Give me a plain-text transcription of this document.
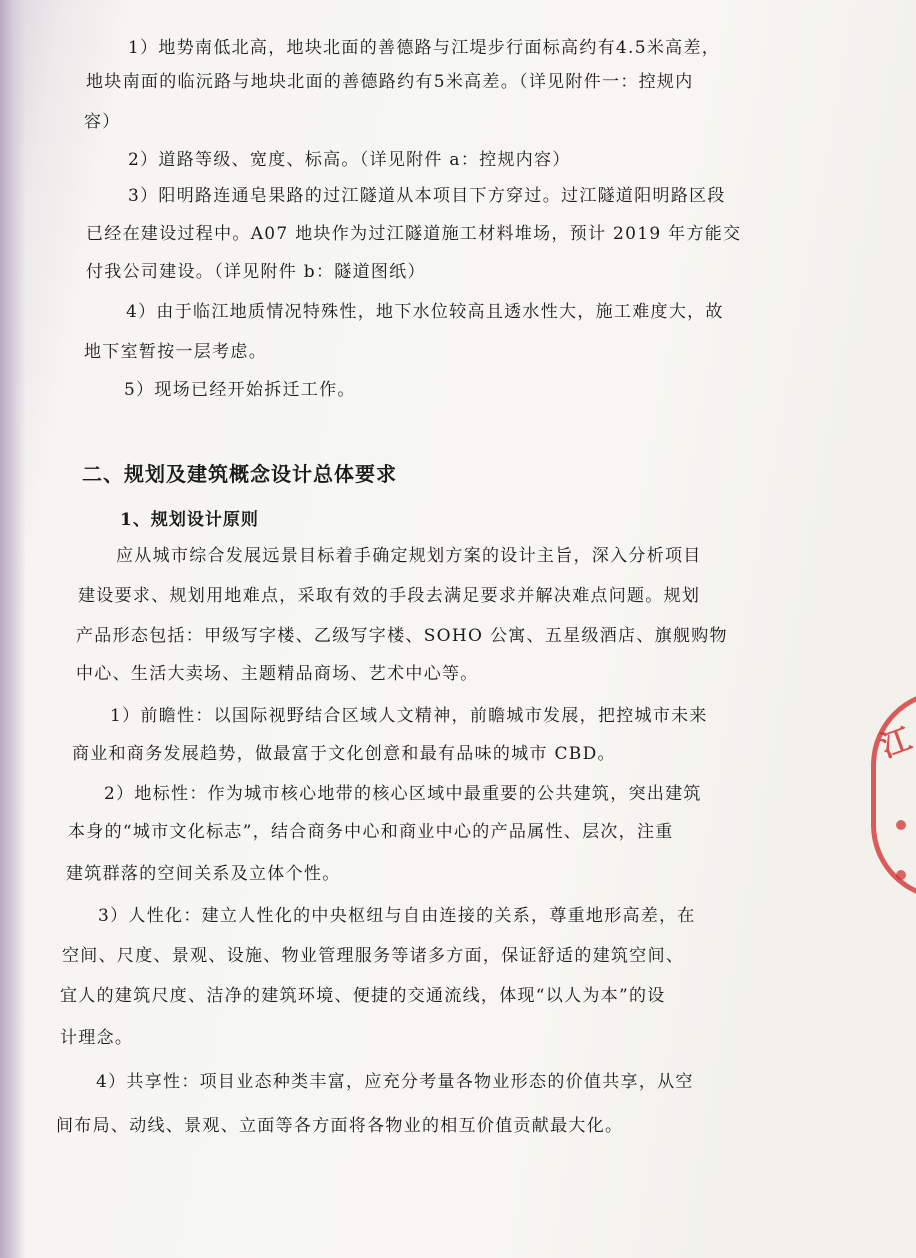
1）地势南低北高，地块北面的善德路与江堤步行面标高约有4.5米高差，
地块南面的临沅路与地块北面的善德路约有5米高差。（详见附件一：控规内
容）
2）道路等级、宽度、标高。（详见附件 a：控规内容）
3）阳明路连通皂果路的过江隧道从本项目下方穿过。过江隧道阳明路区段
已经在建设过程中。A07 地块作为过江隧道施工材料堆场，预计 2019 年方能交
付我公司建设。（详见附件 b：隧道图纸）
4）由于临江地质情况特殊性，地下水位较高且透水性大，施工难度大，故
地下室暂按一层考虑。
5）现场已经开始拆迁工作。
二、规划及建筑概念设计总体要求
1、规划设计原则
应从城市综合发展远景目标着手确定规划方案的设计主旨，深入分析项目
建设要求、规划用地难点，采取有效的手段去满足要求并解决难点问题。规划
产品形态包括：甲级写字楼、乙级写字楼、SOHO 公寓、五星级酒店、旗舰购物
中心、生活大卖场、主题精品商场、艺术中心等。
1）前瞻性：以国际视野结合区域人文精神，前瞻城市发展，把控城市未来
商业和商务发展趋势，做最富于文化创意和最有品味的城市 CBD。
2）地标性：作为城市核心地带的核心区域中最重要的公共建筑，突出建筑
本身的“城市文化标志”，结合商务中心和商业中心的产品属性、层次，注重
建筑群落的空间关系及立体个性。
3）人性化：建立人性化的中央枢纽与自由连接的关系，尊重地形高差，在
空间、尺度、景观、设施、物业管理服务等诸多方面，保证舒适的建筑空间、
宜人的建筑尺度、洁净的建筑环境、便捷的交通流线，体现“以人为本”的设
计理念。
4）共享性：项目业态种类丰富，应充分考量各物业形态的价值共享，从空
间布局、动线、景观、立面等各方面将各物业的相互价值贡献最大化。
江
